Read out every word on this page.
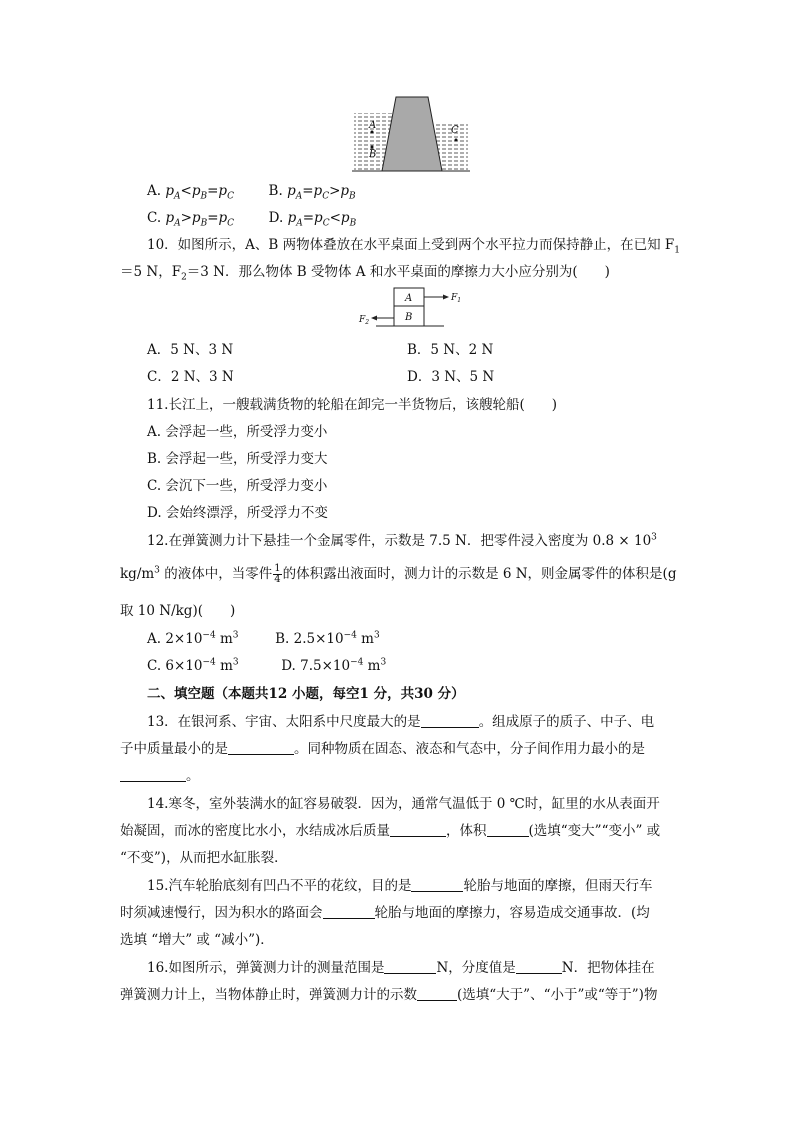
A
B
C
A. $p_A<p_B=p_C$	B. $p_A=p_C>p_B$
C. $p_A>p_B=p_C$	D. $p_A=p_C<p_B$
10．如图所示，A、B 两物体叠放在水平桌面上受到两个水平拉力而保持静止，在已知 $F_1$
＝5 N，$F_2=3$ N．那么物体 B 受物体 A 和水平桌面的摩擦力大小应分别为(　　)
A
B
$F_1$
$F_2$
A．5 N、3 N	B．5 N、2 N
C．2 N、3 N	D．3 N、5 N
11.长江上，一艘载满货物的轮船在卸完一半货物后，该艘轮船(　　)
A. 会浮起一些，所受浮力变小
B. 会浮起一些，所受浮力变大
C. 会沉下一些，所受浮力变小
D. 会始终漂浮，所受浮力不变
12.在弹簧测力计下悬挂一个金属零件，示数是 7.5 N．把零件浸入密度为 $0.8 \times 10^3$
$kg/m^3$ 的液体中，当零件 $\frac{1}{4}$ 的体积露出液面时，测力计的示数是 6 N，则金属零件的体积是(g
取 10 N/kg)(　　)
A. $2\times 10^{-4}$ $m^3$	B. $2.5\times 10^{-4}$ $m^3$
C. $6\times 10^{-4}$ $m^3$	D. $7.5\times 10^{-4}$ $m^3$
二、填空题（本题共12 小题，每空1 分，共30 分）
13．在银河系、宇宙、太阳系中尺度最大的是	。组成原子的质子、中子、电
子中质量最小的是	。同种物质在固态、液态和气态中，分子间作用力最小的是
。
14.寒冬，室外装满水的缸容易破裂．因为，通常气温低于 0 ℃时，缸里的水从表面开
始凝固，而冰的密度比水小，水结成冰后质量	，体积	(选填“变大”“变小” 或
“不变”)，从而把水缸胀裂．
15.汽车轮胎底刻有凹凸不平的花纹，目的是	轮胎与地面的摩擦，但雨天行车
时须减速慢行，因为积水的路面会	轮胎与地面的摩擦力，容易造成交通事故．(均
选填 “增大” 或 “减小”)．
16.如图所示，弹簧测力计的测量范围是	N，分度值是	N．把物体挂在
弹簧测力计上，当物体静止时，弹簧测力计的示数	(选填“大于”、“小于”或“等于”)物
